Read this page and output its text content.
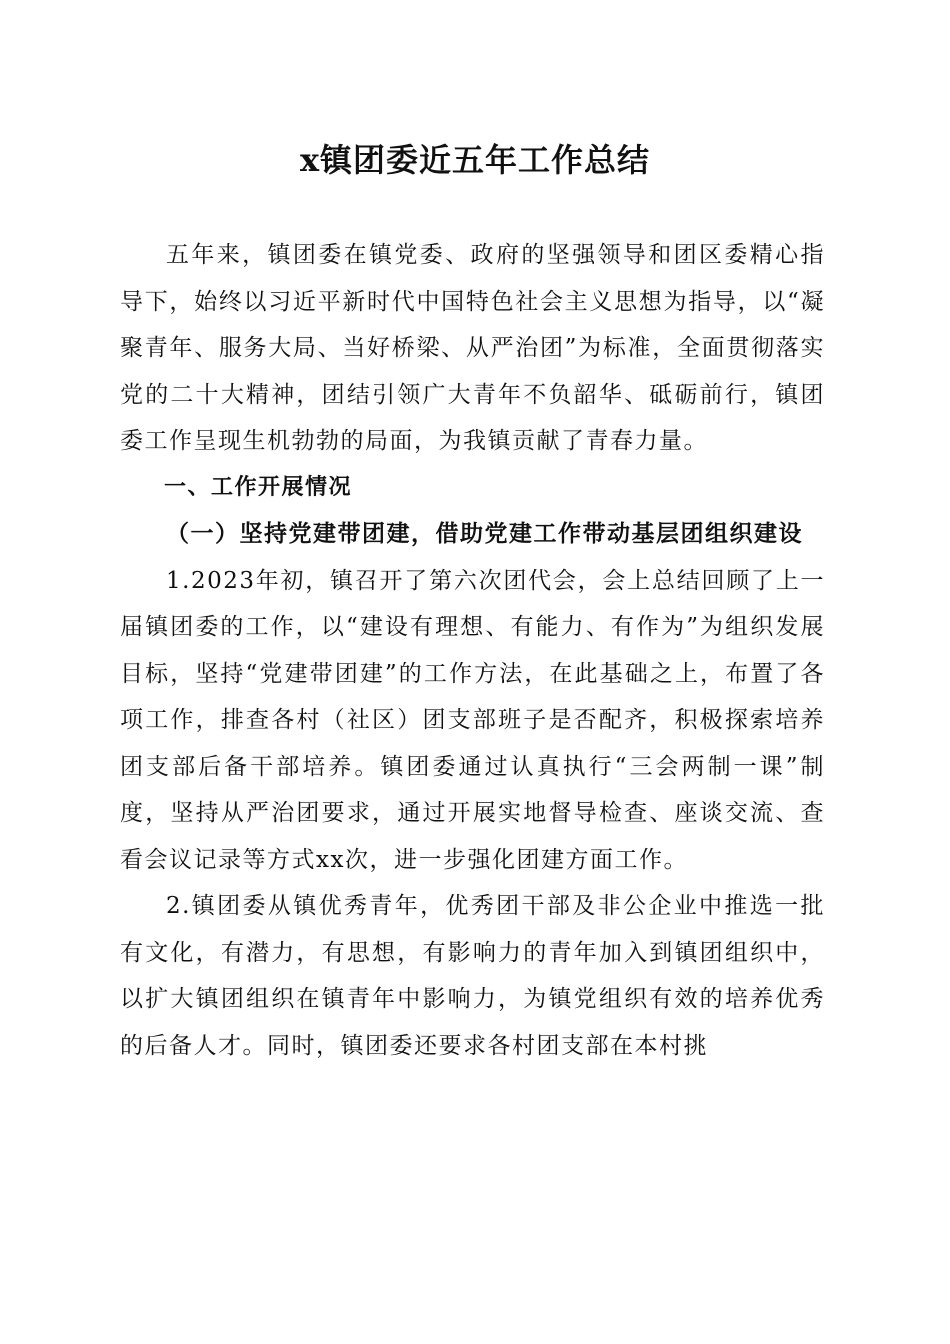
x镇团委近五年工作总结

五年来，镇团委在镇党委、政府的坚强领导和团区委精心指导下，始终以习近平新时代中国特色社会主义思想为指导，以“凝聚青年、服务大局、当好桥梁、从严治团”为标准，全面贯彻落实党的二十大精神，团结引领广大青年不负韶华、砥砺前行，镇团委工作呈现生机勃勃的局面，为我镇贡献了青春力量。

一、工作开展情况

（一）坚持党建带团建，借助党建工作带动基层团组织建设

1.2023年初，镇召开了第六次团代会，会上总结回顾了上一届镇团委的工作，以“建设有理想、有能力、有作为”为组织发展目标，坚持“党建带团建”的工作方法，在此基础之上，布置了各项工作，排查各村（社区）团支部班子是否配齐，积极探索培养团支部后备干部培养。镇团委通过认真执行“三会两制一课”制度，坚持从严治团要求，通过开展实地督导检查、座谈交流、查看会议记录等方式xx次，进一步强化团建方面工作。

2.镇团委从镇优秀青年，优秀团干部及非公企业中推选一批有文化，有潜力，有思想，有影响力的青年加入到镇团组织中，以扩大镇团组织在镇青年中影响力，为镇党组织有效的培养优秀的后备人才。同时，镇团委还要求各村团支部在本村挑
